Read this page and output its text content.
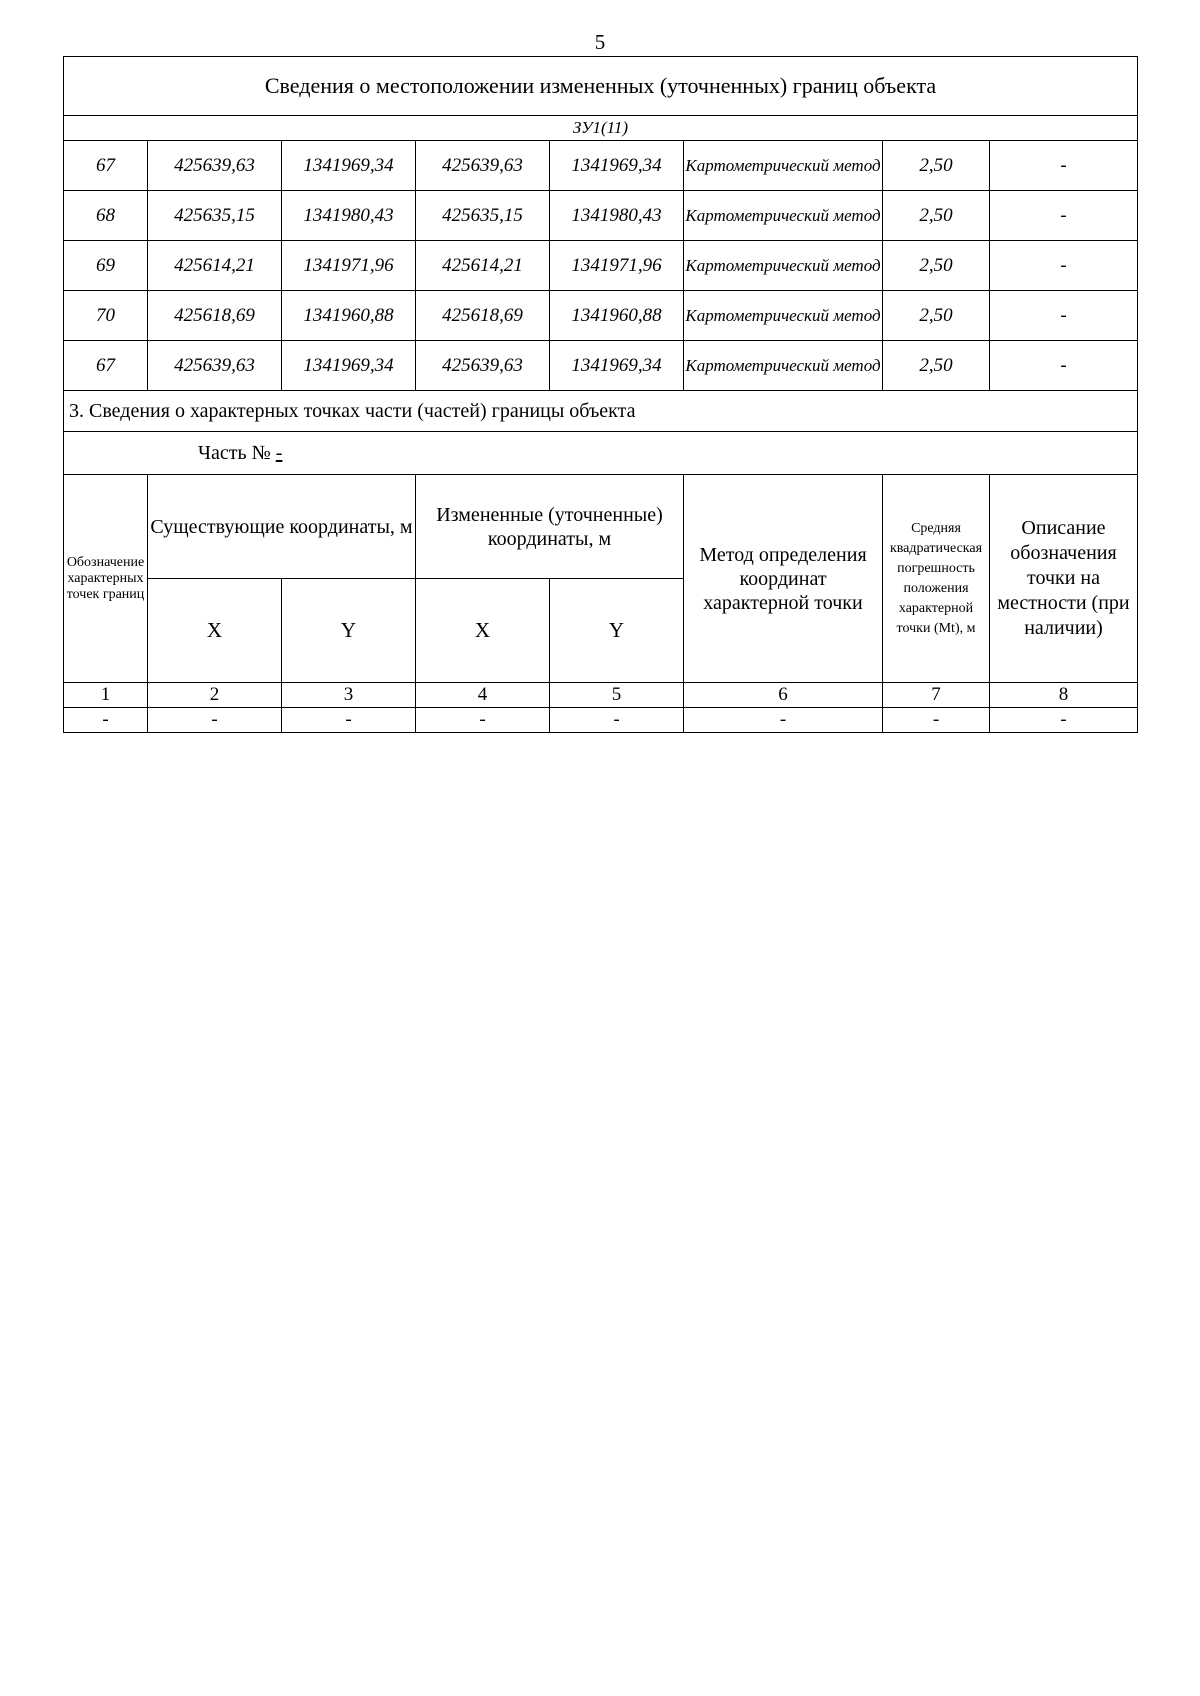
5
Сведения о местоположении измененных (уточненных) границ объекта							
ЗУ1(11)							
67	425639,63	1341969,34	425639,63	1341969,34	Картометрический метод	2,50	-
68	425635,15	1341980,43	425635,15	1341980,43	Картометрический метод	2,50	-
69	425614,21	1341971,96	425614,21	1341971,96	Картометрический метод	2,50	-
70	425618,69	1341960,88	425618,69	1341960,88	Картометрический метод	2,50	-
67	425639,63	1341969,34	425639,63	1341969,34	Картометрический метод	2,50	-
3. Сведения о характерных точках части (частей) границы объекта							
Часть № -							
Обозначение характерных точек границ	Существующие координаты, м		Измененные (уточненные) координаты, м		Метод определения координат характерной точки	Средняя квадратическая погрешность положения характерной точки (Mt), м	Описание обозначения точки на местности (при наличии)
	X	Y	X	Y			
1	2	3	4	5	6	7	8
-	-	-	-	-	-	-	-
